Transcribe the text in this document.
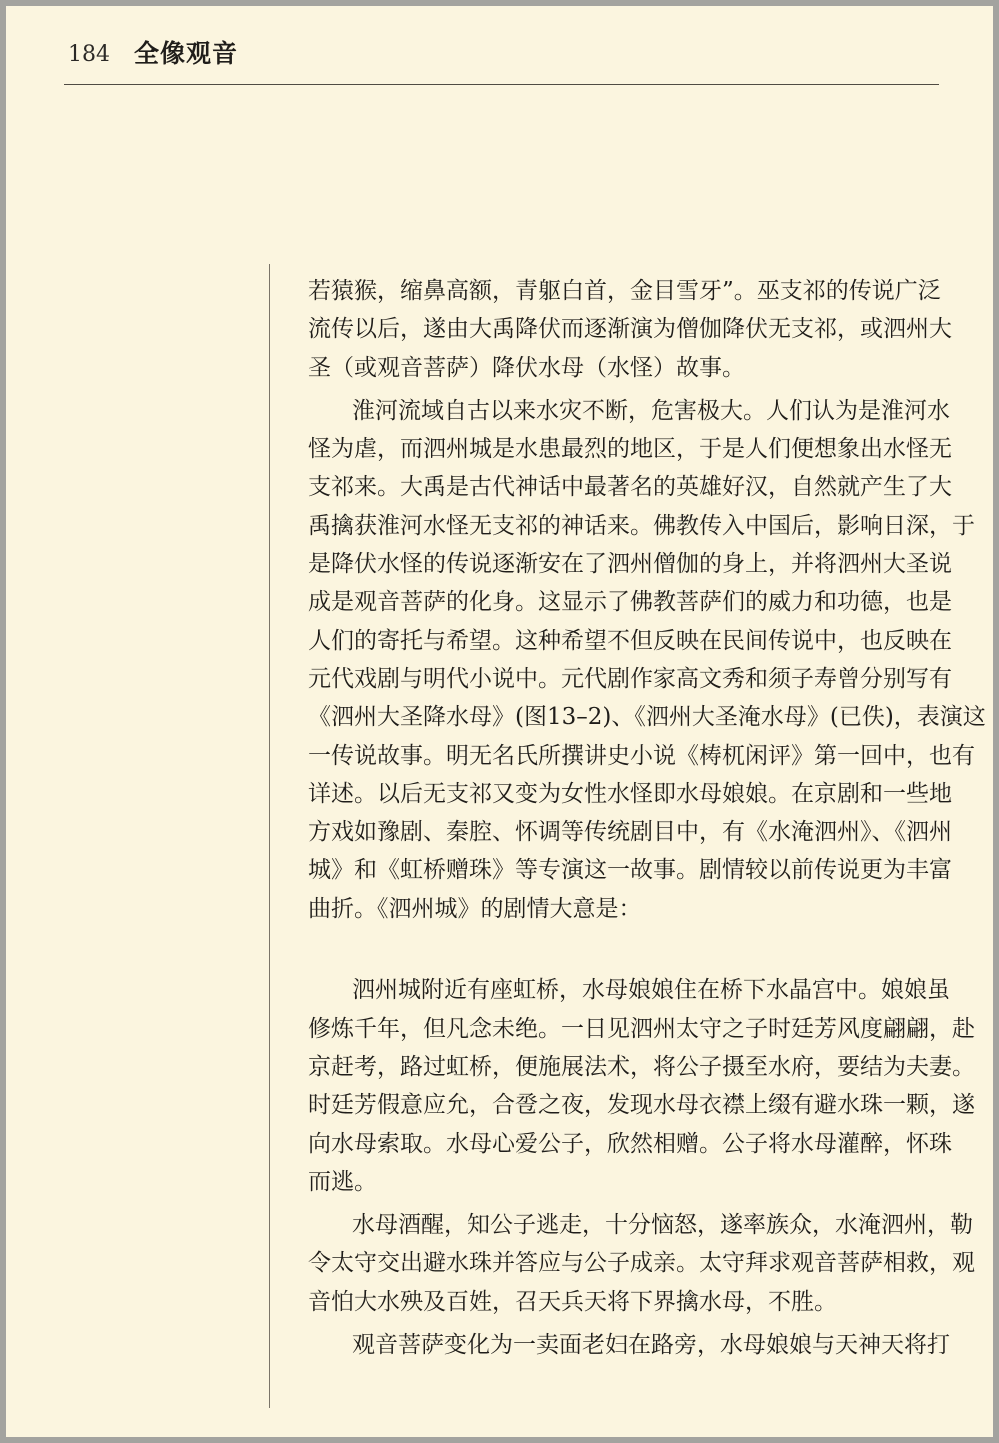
184 全像观音
若猿猴，缩鼻高额，青躯白首，金目雪牙”。巫支祁的传说广泛
流传以后，遂由大禹降伏而逐渐演为僧伽降伏无支祁，或泗州大
圣（或观音菩萨）降伏水母（水怪）故事。
淮河流域自古以来水灾不断，危害极大。人们认为是淮河水
怪为虐，而泗州城是水患最烈的地区，于是人们便想象出水怪无
支祁来。大禹是古代神话中最著名的英雄好汉，自然就产生了大
禹擒获淮河水怪无支祁的神话来。佛教传入中国后，影响日深，于
是降伏水怪的传说逐渐安在了泗州僧伽的身上，并将泗州大圣说
成是观音菩萨的化身。这显示了佛教菩萨们的威力和功德，也是
人们的寄托与希望。这种希望不但反映在民间传说中，也反映在
元代戏剧与明代小说中。元代剧作家高文秀和须子寿曾分别写有
《泗州大圣降水母》(图13–2)、《泗州大圣淹水母》(已佚)，表演这
一传说故事。明无名氏所撰讲史小说《梼杌闲评》第一回中，也有
详述。以后无支祁又变为女性水怪即水母娘娘。在京剧和一些地
方戏如豫剧、秦腔、怀调等传统剧目中，有《水淹泗州》、《泗州
城》和《虹桥赠珠》等专演这一故事。剧情较以前传说更为丰富
曲折。《泗州城》的剧情大意是：
泗州城附近有座虹桥，水母娘娘住在桥下水晶宫中。娘娘虽
修炼千年，但凡念未绝。一日见泗州太守之子时廷芳风度翩翩，赴
京赶考，路过虹桥，便施展法术，将公子摄至水府，要结为夫妻。
时廷芳假意应允，合卺之夜，发现水母衣襟上缀有避水珠一颗，遂
向水母索取。水母心爱公子，欣然相赠。公子将水母灌醉，怀珠
而逃。
水母酒醒，知公子逃走，十分恼怒，遂率族众，水淹泗州，勒
令太守交出避水珠并答应与公子成亲。太守拜求观音菩萨相救，观
音怕大水殃及百姓，召天兵天将下界擒水母，不胜。
观音菩萨变化为一卖面老妇在路旁，水母娘娘与天神天将打
